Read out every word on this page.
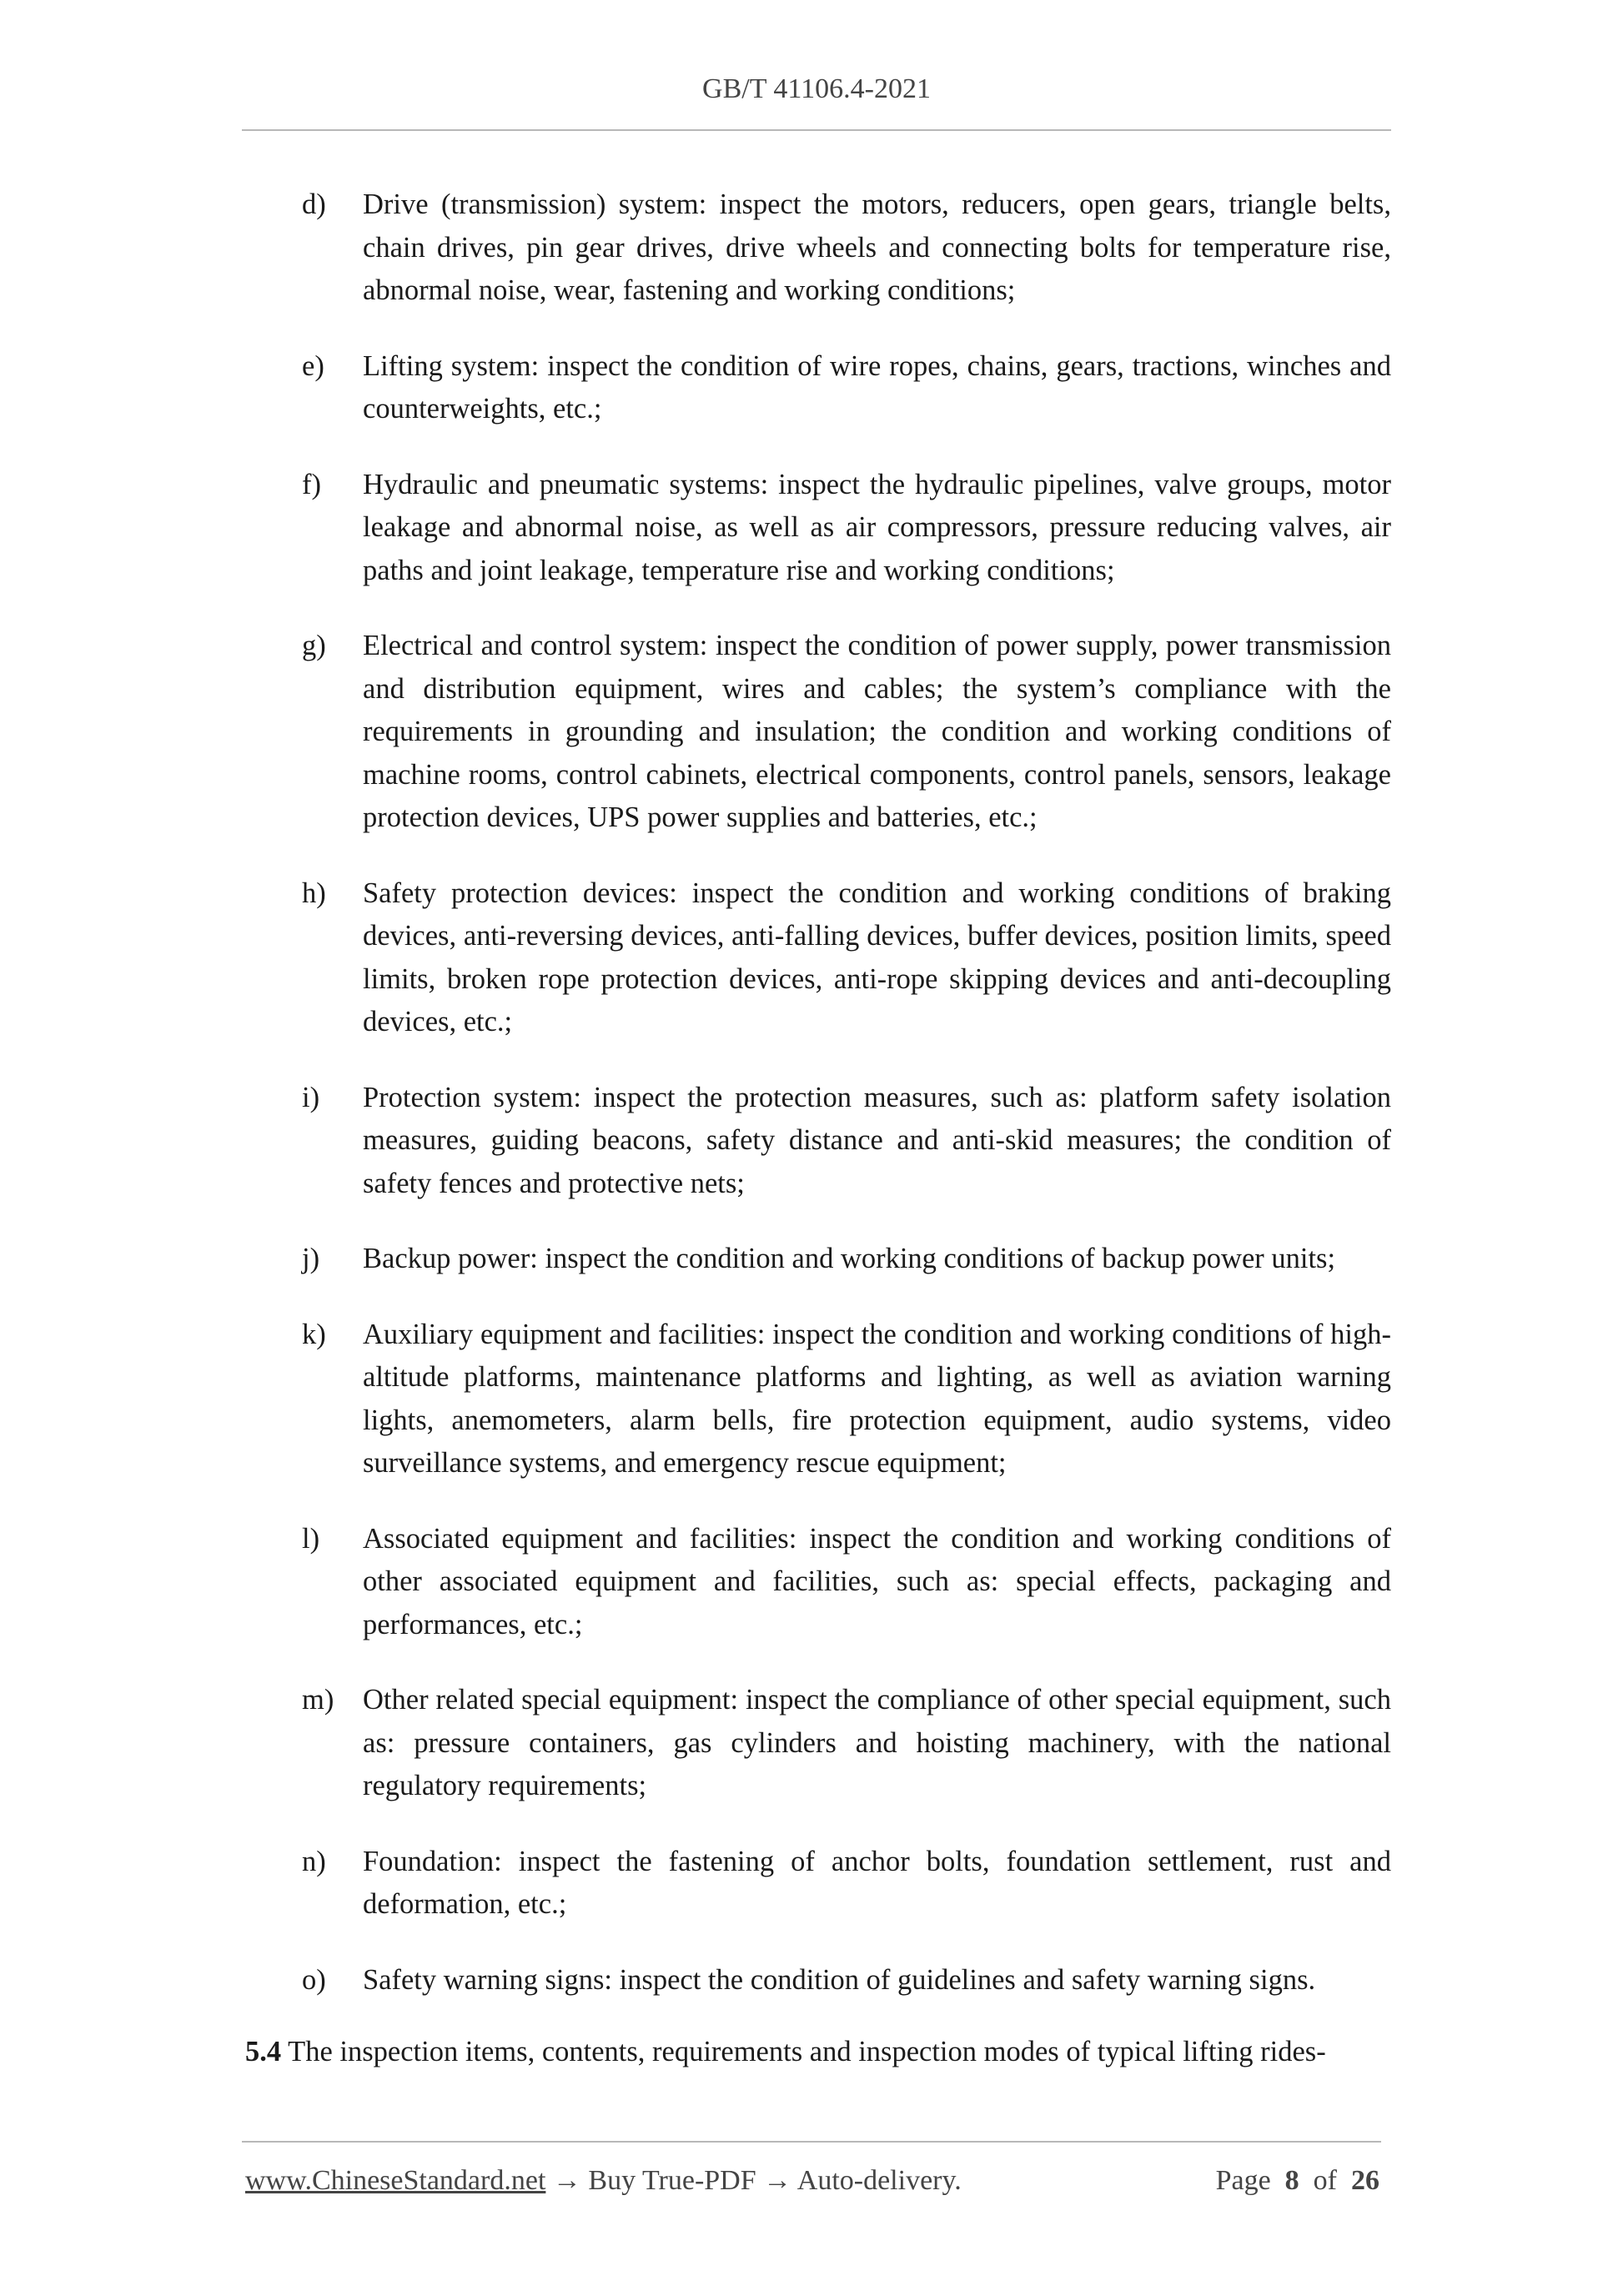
GB/T 41106.4-2021
d) Drive (transmission) system: inspect the motors, reducers, open gears, triangle belts, chain drives, pin gear drives, drive wheels and connecting bolts for temperature rise, abnormal noise, wear, fastening and working conditions;
e) Lifting system: inspect the condition of wire ropes, chains, gears, tractions, winches and counterweights, etc.;
f) Hydraulic and pneumatic systems: inspect the hydraulic pipelines, valve groups, motor leakage and abnormal noise, as well as air compressors, pressure reducing valves, air paths and joint leakage, temperature rise and working conditions;
g) Electrical and control system: inspect the condition of power supply, power transmission and distribution equipment, wires and cables; the system’s compliance with the requirements in grounding and insulation; the condition and working conditions of machine rooms, control cabinets, electrical components, control panels, sensors, leakage protection devices, UPS power supplies and batteries, etc.;
h) Safety protection devices: inspect the condition and working conditions of braking devices, anti-reversing devices, anti-falling devices, buffer devices, position limits, speed limits, broken rope protection devices, anti-rope skipping devices and anti-decoupling devices, etc.;
i) Protection system: inspect the protection measures, such as: platform safety isolation measures, guiding beacons, safety distance and anti-skid measures; the condition of safety fences and protective nets;
j) Backup power: inspect the condition and working conditions of backup power units;
k) Auxiliary equipment and facilities: inspect the condition and working conditions of high-altitude platforms, maintenance platforms and lighting, as well as aviation warning lights, anemometers, alarm bells, fire protection equipment, audio systems, video surveillance systems, and emergency rescue equipment;
l) Associated equipment and facilities: inspect the condition and working conditions of other associated equipment and facilities, such as: special effects, packaging and performances, etc.;
m) Other related special equipment: inspect the compliance of other special equipment, such as: pressure containers, gas cylinders and hoisting machinery, with the national regulatory requirements;
n) Foundation: inspect the fastening of anchor bolts, foundation settlement, rust and deformation, etc.;
o) Safety warning signs: inspect the condition of guidelines and safety warning signs.
5.4 The inspection items, contents, requirements and inspection modes of typical lifting rides-
www.ChineseStandard.net → Buy True-PDF → Auto-delivery.	Page 8 of 26
